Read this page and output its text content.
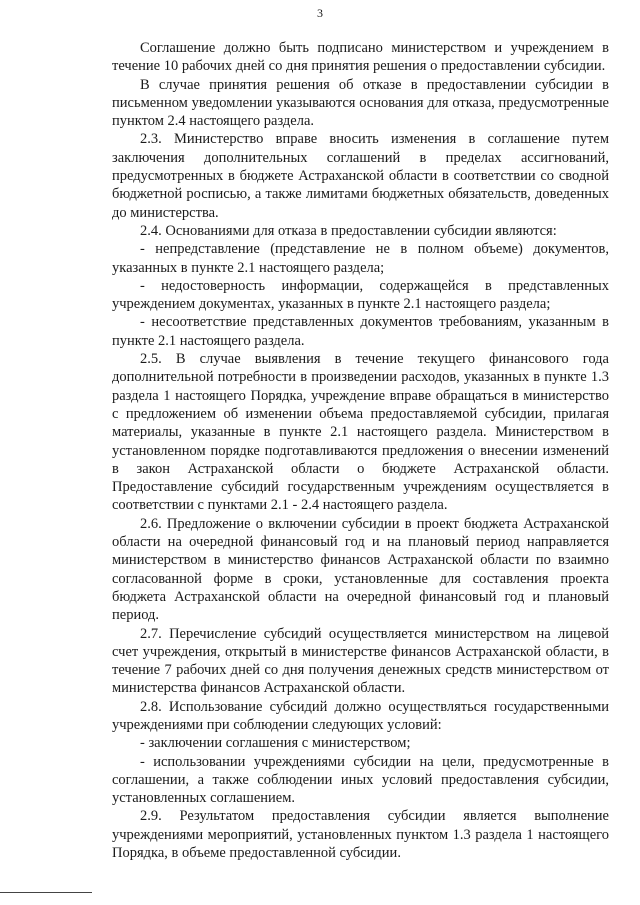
3

Соглашение должно быть подписано министерством и учреждением в течение 10 рабочих дней со дня принятия решения о предоставлении субсидии.

В случае принятия решения об отказе в предоставлении субсидии в письменном уведомлении указываются основания для отказа, предусмотренные пунктом 2.4 настоящего раздела.

2.3. Министерство вправе вносить изменения в соглашение путем заключения дополнительных соглашений в пределах ассигнований, предусмотренных в бюджете Астраханской области в соответствии со сводной бюджетной росписью, а также лимитами бюджетных обязательств, доведенных до министерства.

2.4. Основаниями для отказа в предоставлении субсидии являются:

- непредставление (представление не в полном объеме) документов, указанных в пункте 2.1 настоящего раздела;

- недостоверность информации, содержащейся в представленных учреждением документах, указанных в пункте 2.1 настоящего раздела;

- несоответствие представленных документов требованиям, указанным в пункте 2.1 настоящего раздела.

2.5. В случае выявления в течение текущего финансового года дополнительной потребности в произведении расходов, указанных в пункте 1.3 раздела 1 настоящего Порядка, учреждение вправе обращаться в министерство с предложением об изменении объема предоставляемой субсидии, прилагая материалы, указанные в пункте 2.1 настоящего раздела. Министерством в установленном порядке подготавливаются предложения о внесении изменений в закон Астраханской области о бюджете Астраханской области. Предоставление субсидий государственным учреждениям осуществляется в соответствии с пунктами 2.1 - 2.4 настоящего раздела.

2.6. Предложение о включении субсидии в проект бюджета Астраханской области на очередной финансовый год и на плановый период направляется министерством в министерство финансов Астраханской области по взаимно согласованной форме в сроки, установленные для составления проекта бюджета Астраханской области на очередной финансовый год и плановый период.

2.7. Перечисление субсидий осуществляется министерством на лицевой счет учреждения, открытый в министерстве финансов Астраханской области, в течение 7 рабочих дней со дня получения денежных средств министерством от министерства финансов Астраханской области.

2.8. Использование субсидий должно осуществляться государственными учреждениями при соблюдении следующих условий:

- заключении соглашения с министерством;

- использовании учреждениями субсидии на цели, предусмотренные в соглашении, а также соблюдении иных условий предоставления субсидии, установленных соглашением.

2.9. Результатом предоставления субсидии является выполнение учреждениями мероприятий, установленных пунктом 1.3 раздела 1 настоящего Порядка, в объеме предоставленной субсидии.
